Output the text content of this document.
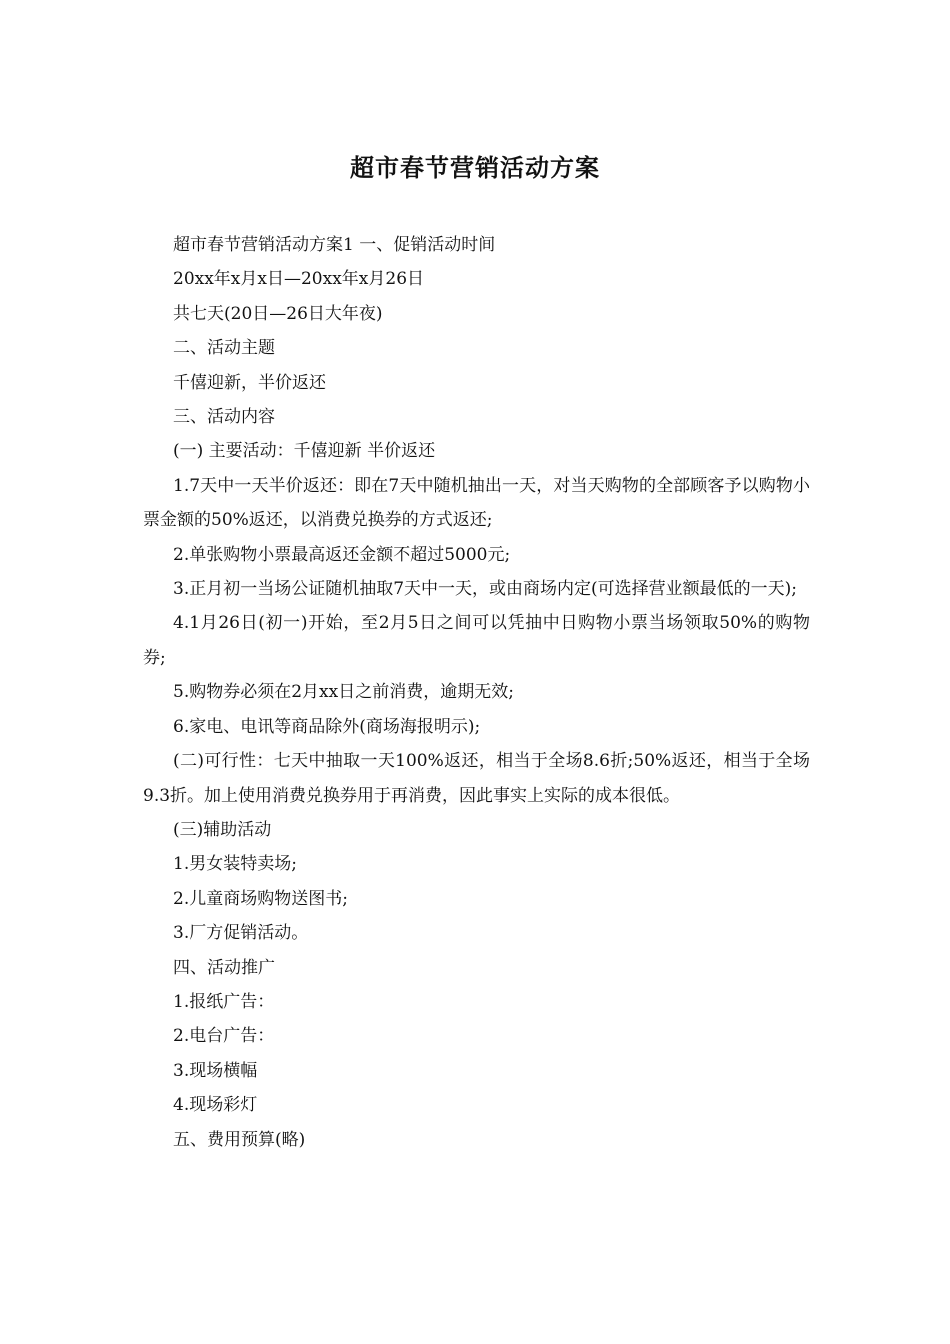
超市春节营销活动方案

超市春节营销活动方案1 一、促销活动时间

20xx年x月x日—20xx年x月26日

共七天(20日—26日大年夜)

二、活动主题

千僖迎新，半价返还

三、活动内容

(一) 主要活动：千僖迎新 半价返还

1.7天中一天半价返还：即在7天中随机抽出一天，对当天购物的全部顾客予以购物小票金额的50%返还，以消费兑换券的方式返还;

2.单张购物小票最高返还金额不超过5000元;

3.正月初一当场公证随机抽取7天中一天，或由商场内定(可选择营业额最低的一天);

4.1月26日(初一)开始，至2月5日之间可以凭抽中日购物小票当场领取50%的购物券;

5.购物券必须在2月xx日之前消费，逾期无效;

6.家电、电讯等商品除外(商场海报明示);

(二)可行性：七天中抽取一天100%返还，相当于全场8.6折;50%返还，相当于全场9.3折。加上使用消费兑换券用于再消费，因此事实上实际的成本很低。

(三)辅助活动

1.男女装特卖场;

2.儿童商场购物送图书;

3.厂方促销活动。

四、活动推广

1.报纸广告：

2.电台广告：

3.现场横幅

4.现场彩灯

五、费用预算(略)
